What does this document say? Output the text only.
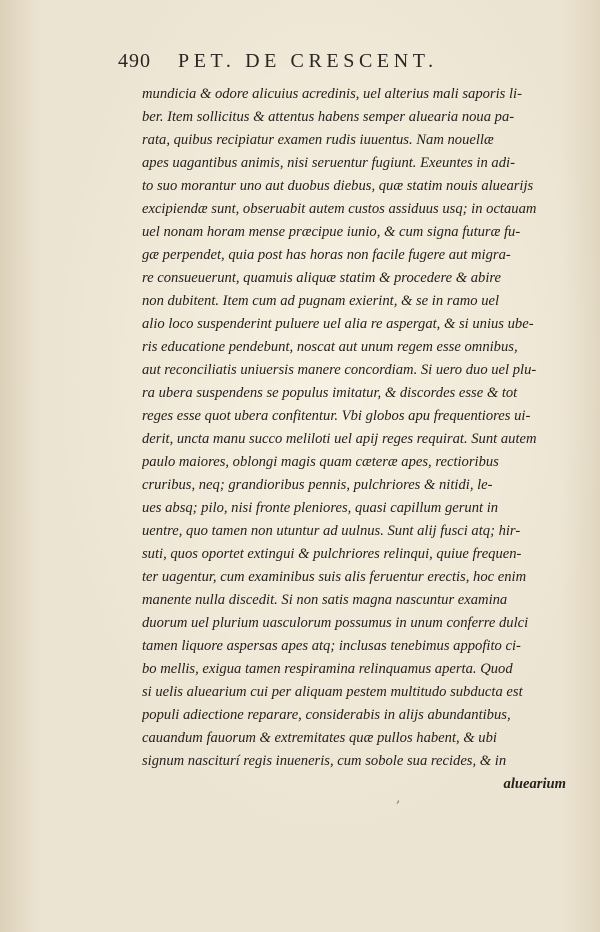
490 PET. DE CRESCENT.
mundicia & odore alicuius acredinis, uel alterius mali saporis li-
ber. Item sollicitus & attentus habens semper aluearia noua pa-
rata, quibus recipiatur examen rudis iuuentus. Nam nouellæ
apes uagantibus animis, nisi seruentur fugiunt. Exeuntes in adi-
to suo morantur uno aut duobus diebus, quæ statim nouis aluearijs
excipiendæ sunt, obseruabit autem custos assiduus usq; in octauam
uel nonam horam mense præcipue iunio, & cum signa futuræ fu-
gæ perpendet, quia post has horas non facile fugere aut migra-
re consueuerunt, quamuis aliquæ statim & procedere & abire
non dubitent. Item cum ad pugnam exierint, & se in ramo uel
alio loco suspenderint puluere uel alia re aspergat, & si unius ube-
ris educatione pendebunt, noscat aut unum regem esse omnibus,
aut reconciliatis uniuersis manere concordiam. Si uero duo uel plu-
ra ubera suspendens se populus imitatur, & discordes esse & tot
reges esse quot ubera confitentur. Vbi globos apu frequentiores ui-
derit, uncta manu succo meliloti uel apij reges requirat. Sunt autem
paulo maiores, oblongi magis quam cæteræ apes, rectioribus
cruribus, neq; grandioribus pennis, pulchriores & nitidi, le-
ues absq; pilo, nisi fronte pleniores, quasi capillum gerunt in
uentre, quo tamen non utuntur ad uulnus. Sunt alij fusci atq; hir-
suti, quos oportet extingui & pulchriores relinqui, quiue frequen-
ter uagentur, cum examinibus suis alis feruentur erectis, hoc enim
manente nulla discedit. Si non satis magna nascuntur examina
duorum uel plurium uasculorum possumus in unum conferre dulci
tamen liquore aspersas apes atq; inclusas tenebimus appofito ci-
bo mellis, exigua tamen respiramina relinquamus aperta. Quod
si uelis aluearium cui per aliquam pestem multitudo subducta est
populi adiectione reparare, considerabis in alijs abundantibus,
cauandum fauorum & extremitates quæ pullos habent, & ubi
signum nasciturí regis inueneris, cum sobole sua recides, & in
aluearium
,
